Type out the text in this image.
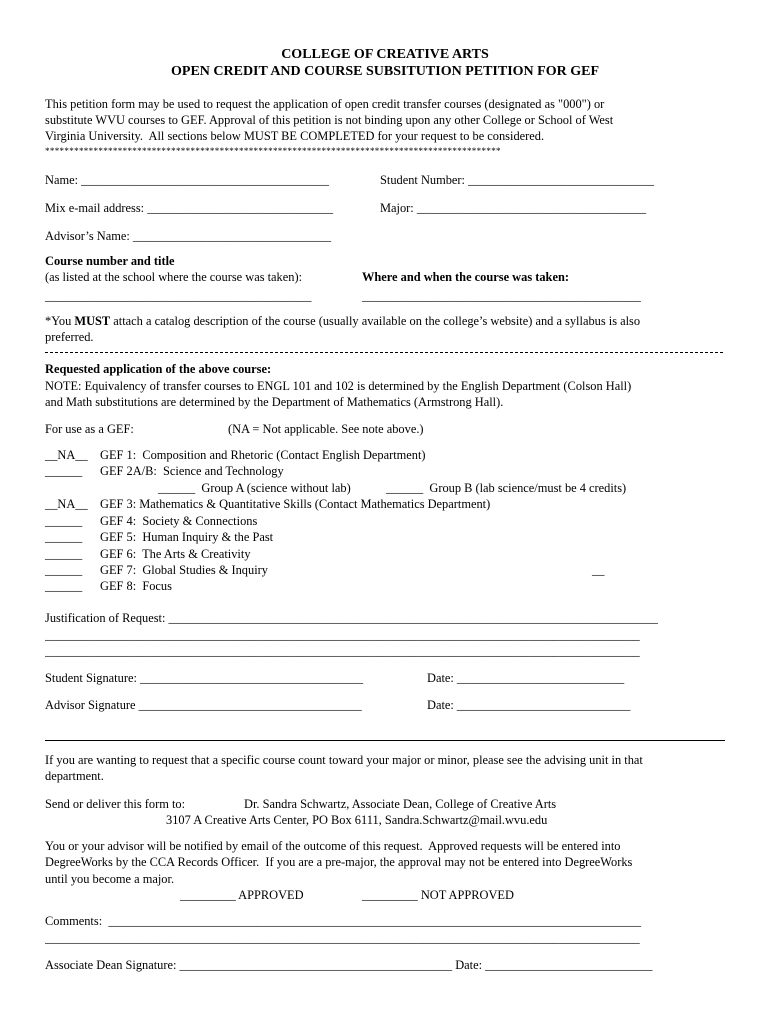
COLLEGE OF CREATIVE ARTS
OPEN CREDIT AND COURSE SUBSITUTION PETITION FOR GEF
This petition form may be used to request the application of open credit transfer courses (designated as "000") or
substitute WVU courses to GEF. Approval of this petition is not binding upon any other College or School of West
Virginia University.  All sections below MUST BE COMPLETED for your request to be considered.
**********************************************************************************************
Name: ________________________________________	Student Number: ______________________________
Mix e-mail address: ______________________________	Major: _____________________________________
Advisor’s Name: ________________________________
Course number and title
(as listed at the school where the course was taken):	Where and when the course was taken:
___________________________________________	_____________________________________________
*You MUST attach a catalog description of the course (usually available on the college’s website) and a syllabus is also
preferred.
Requested application of the above course:
NOTE: Equivalency of transfer courses to ENGL 101 and 102 is determined by the English Department (Colson Hall)
and Math substitutions are determined by the Department of Mathematics (Armstrong Hall).
For use as a GEF:	(NA = Not applicable. See note above.)
__NA__ GEF 1:  Composition and Rhetoric (Contact English Department)
______ GEF 2A/B:  Science and Technology
______  Group A (science without lab)	______  Group B (lab science/must be 4 credits)
__NA__ GEF 3: Mathematics & Quantitative Skills (Contact Mathematics Department)
______ GEF 4:  Society & Connections
______ GEF 5:  Human Inquiry & the Past
______ GEF 6:  The Arts & Creativity
______ GEF 7:  Global Studies & Inquiry	__
______ GEF 8:  Focus
Justification of Request: _______________________________________________________________________________
________________________________________________________________________________________________
________________________________________________________________________________________________
Student Signature: ____________________________________	Date: ___________________________
Advisor Signature ____________________________________	Date: ____________________________
If you are wanting to request that a specific course count toward your major or minor, please see the advising unit in that
department.
Send or deliver this form to:	Dr. Sandra Schwartz, Associate Dean, College of Creative Arts
3107 A Creative Arts Center, PO Box 6111, Sandra.Schwartz@mail.wvu.edu
You or your advisor will be notified by email of the outcome of this request.  Approved requests will be entered into
DegreeWorks by the CCA Records Officer.  If you are a pre-major, the approval may not be entered into DegreeWorks
until you become a major.
_________ APPROVED	_________ NOT APPROVED
Comments:  ______________________________________________________________________________________
________________________________________________________________________________________________
Associate Dean Signature: ____________________________________________ Date: ___________________________
